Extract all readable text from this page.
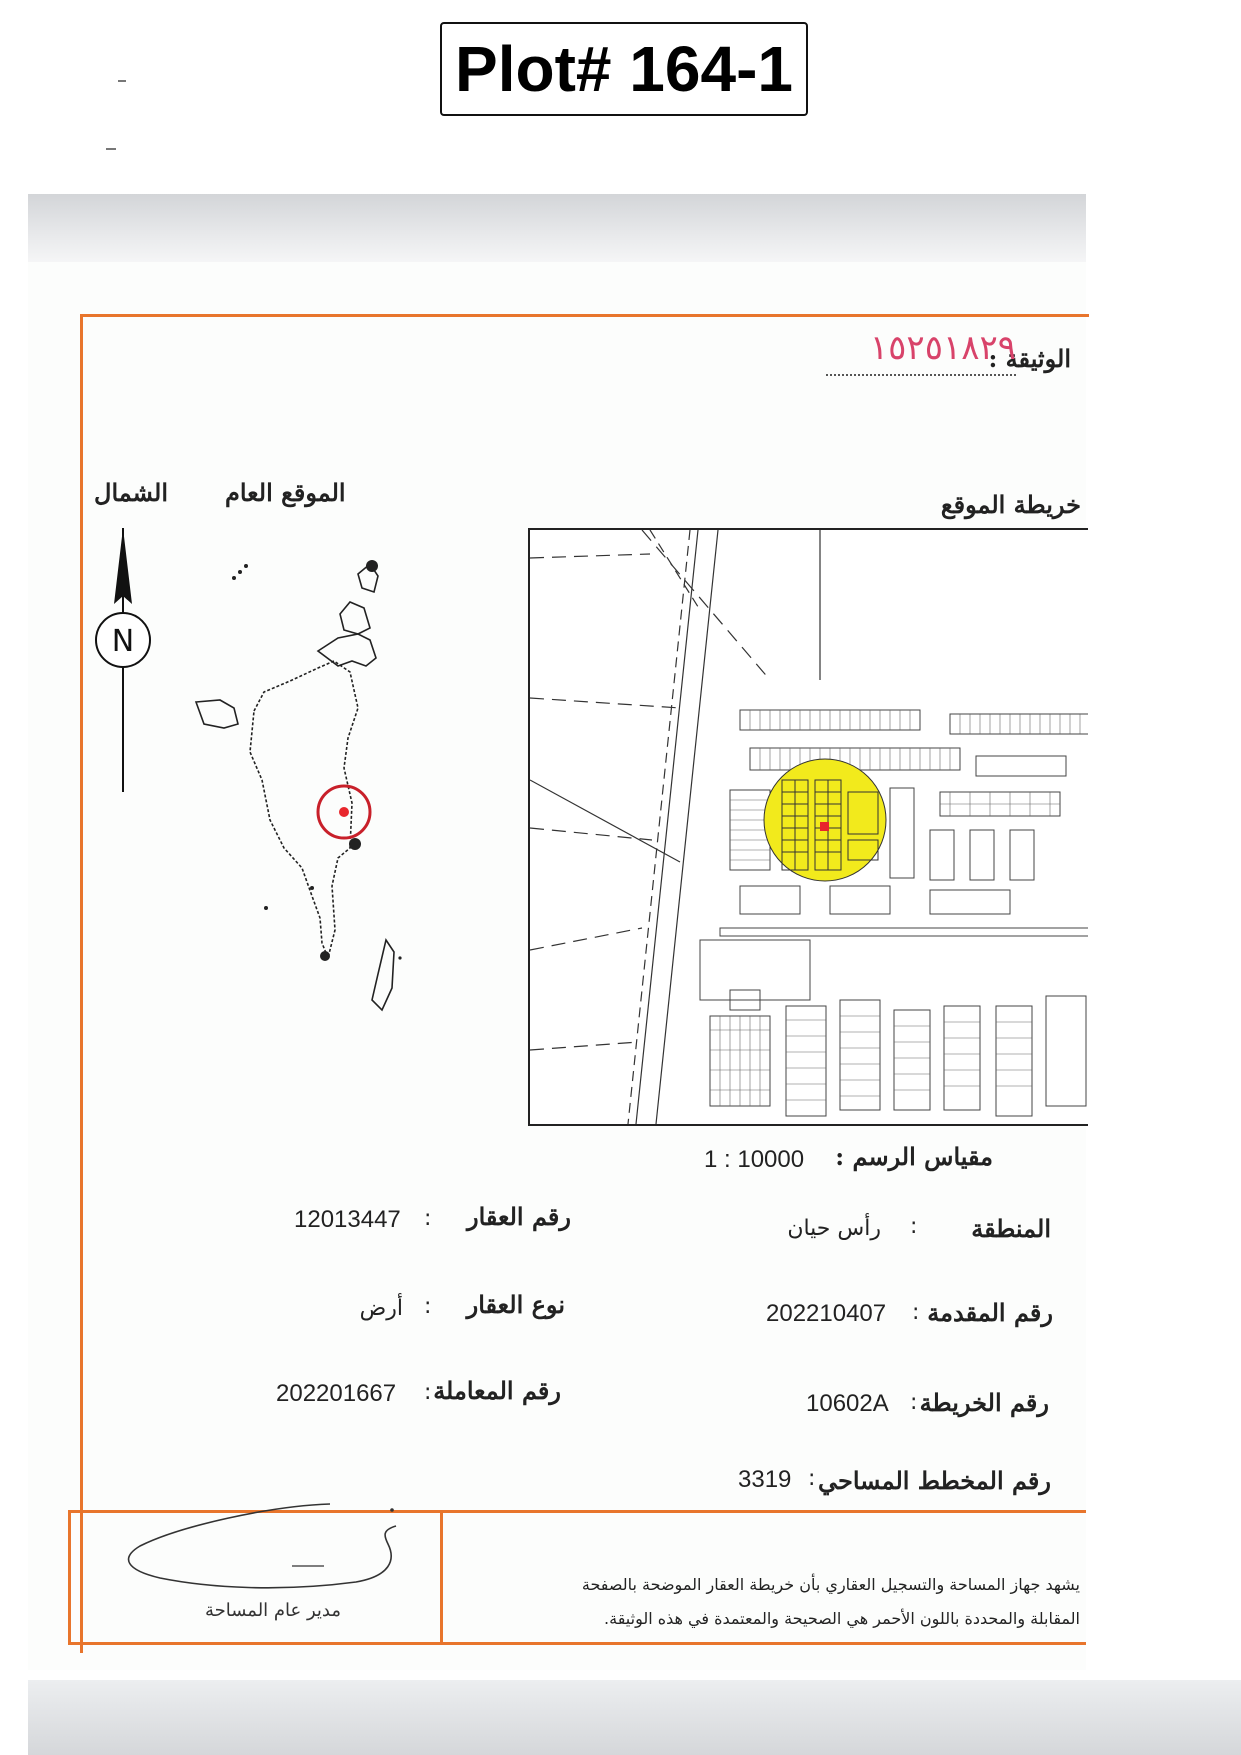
Plot# 164-1
الوثيقة :
١٥٢٥١٨٢٩
الموقع العام
الشمال
N
خريطة الموقع
مقياس الرسم :
1 : 10000
المنطقة
:
رأس حيان
رقم العقار
:
12013447
رقم المقدمة
:
202210407
نوع العقار
:
أرض
رقم الخريطة
:
10602A
رقم المعاملة
:
202201667
رقم المخطط المساحي
:
3319
يشهد جهاز المساحة والتسجيل العقاري بأن خريطة العقار الموضحة بالصفحة
المقابلة والمحددة باللون الأحمر هي الصحيحة والمعتمدة في هذه الوثيقة.
مدير عام المساحة
